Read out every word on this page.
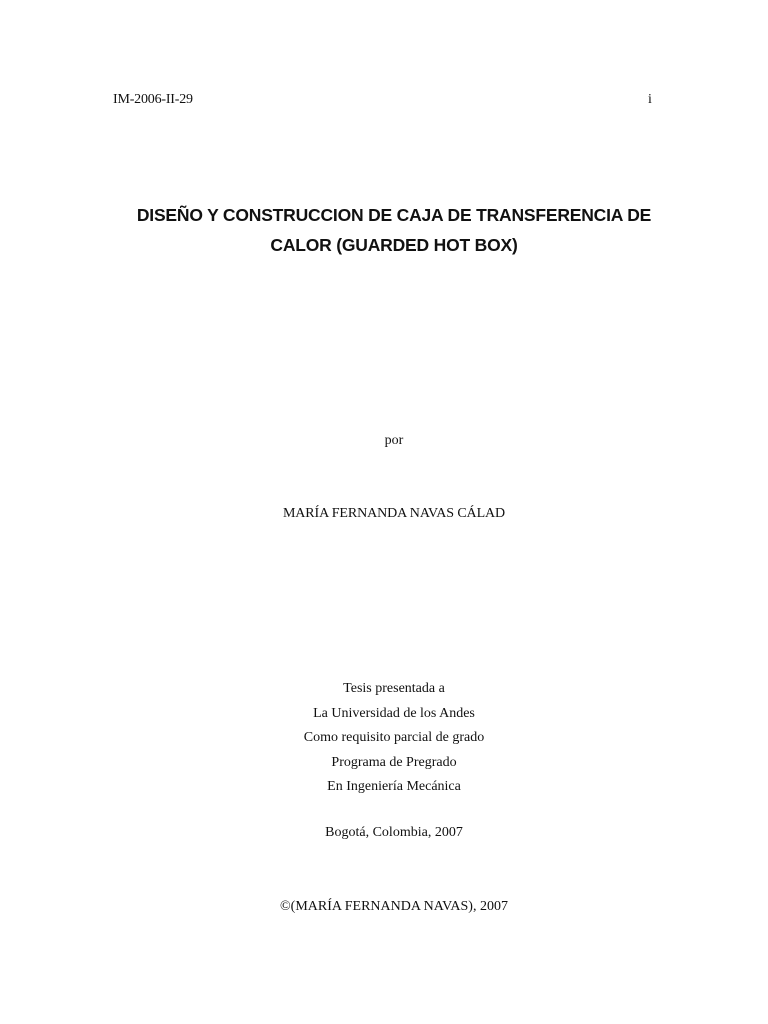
IM-2006-II-29	i
DISEÑO Y CONSTRUCCION DE CAJA DE TRANSFERENCIA DE
CALOR (GUARDED HOT BOX)
por
MARÍA FERNANDA NAVAS CÁLAD
Tesis presentada a
La Universidad de los Andes
Como requisito parcial de grado
Programa de Pregrado
En Ingeniería Mecánica
Bogotá, Colombia, 2007
©(MARÍA FERNANDA NAVAS), 2007
